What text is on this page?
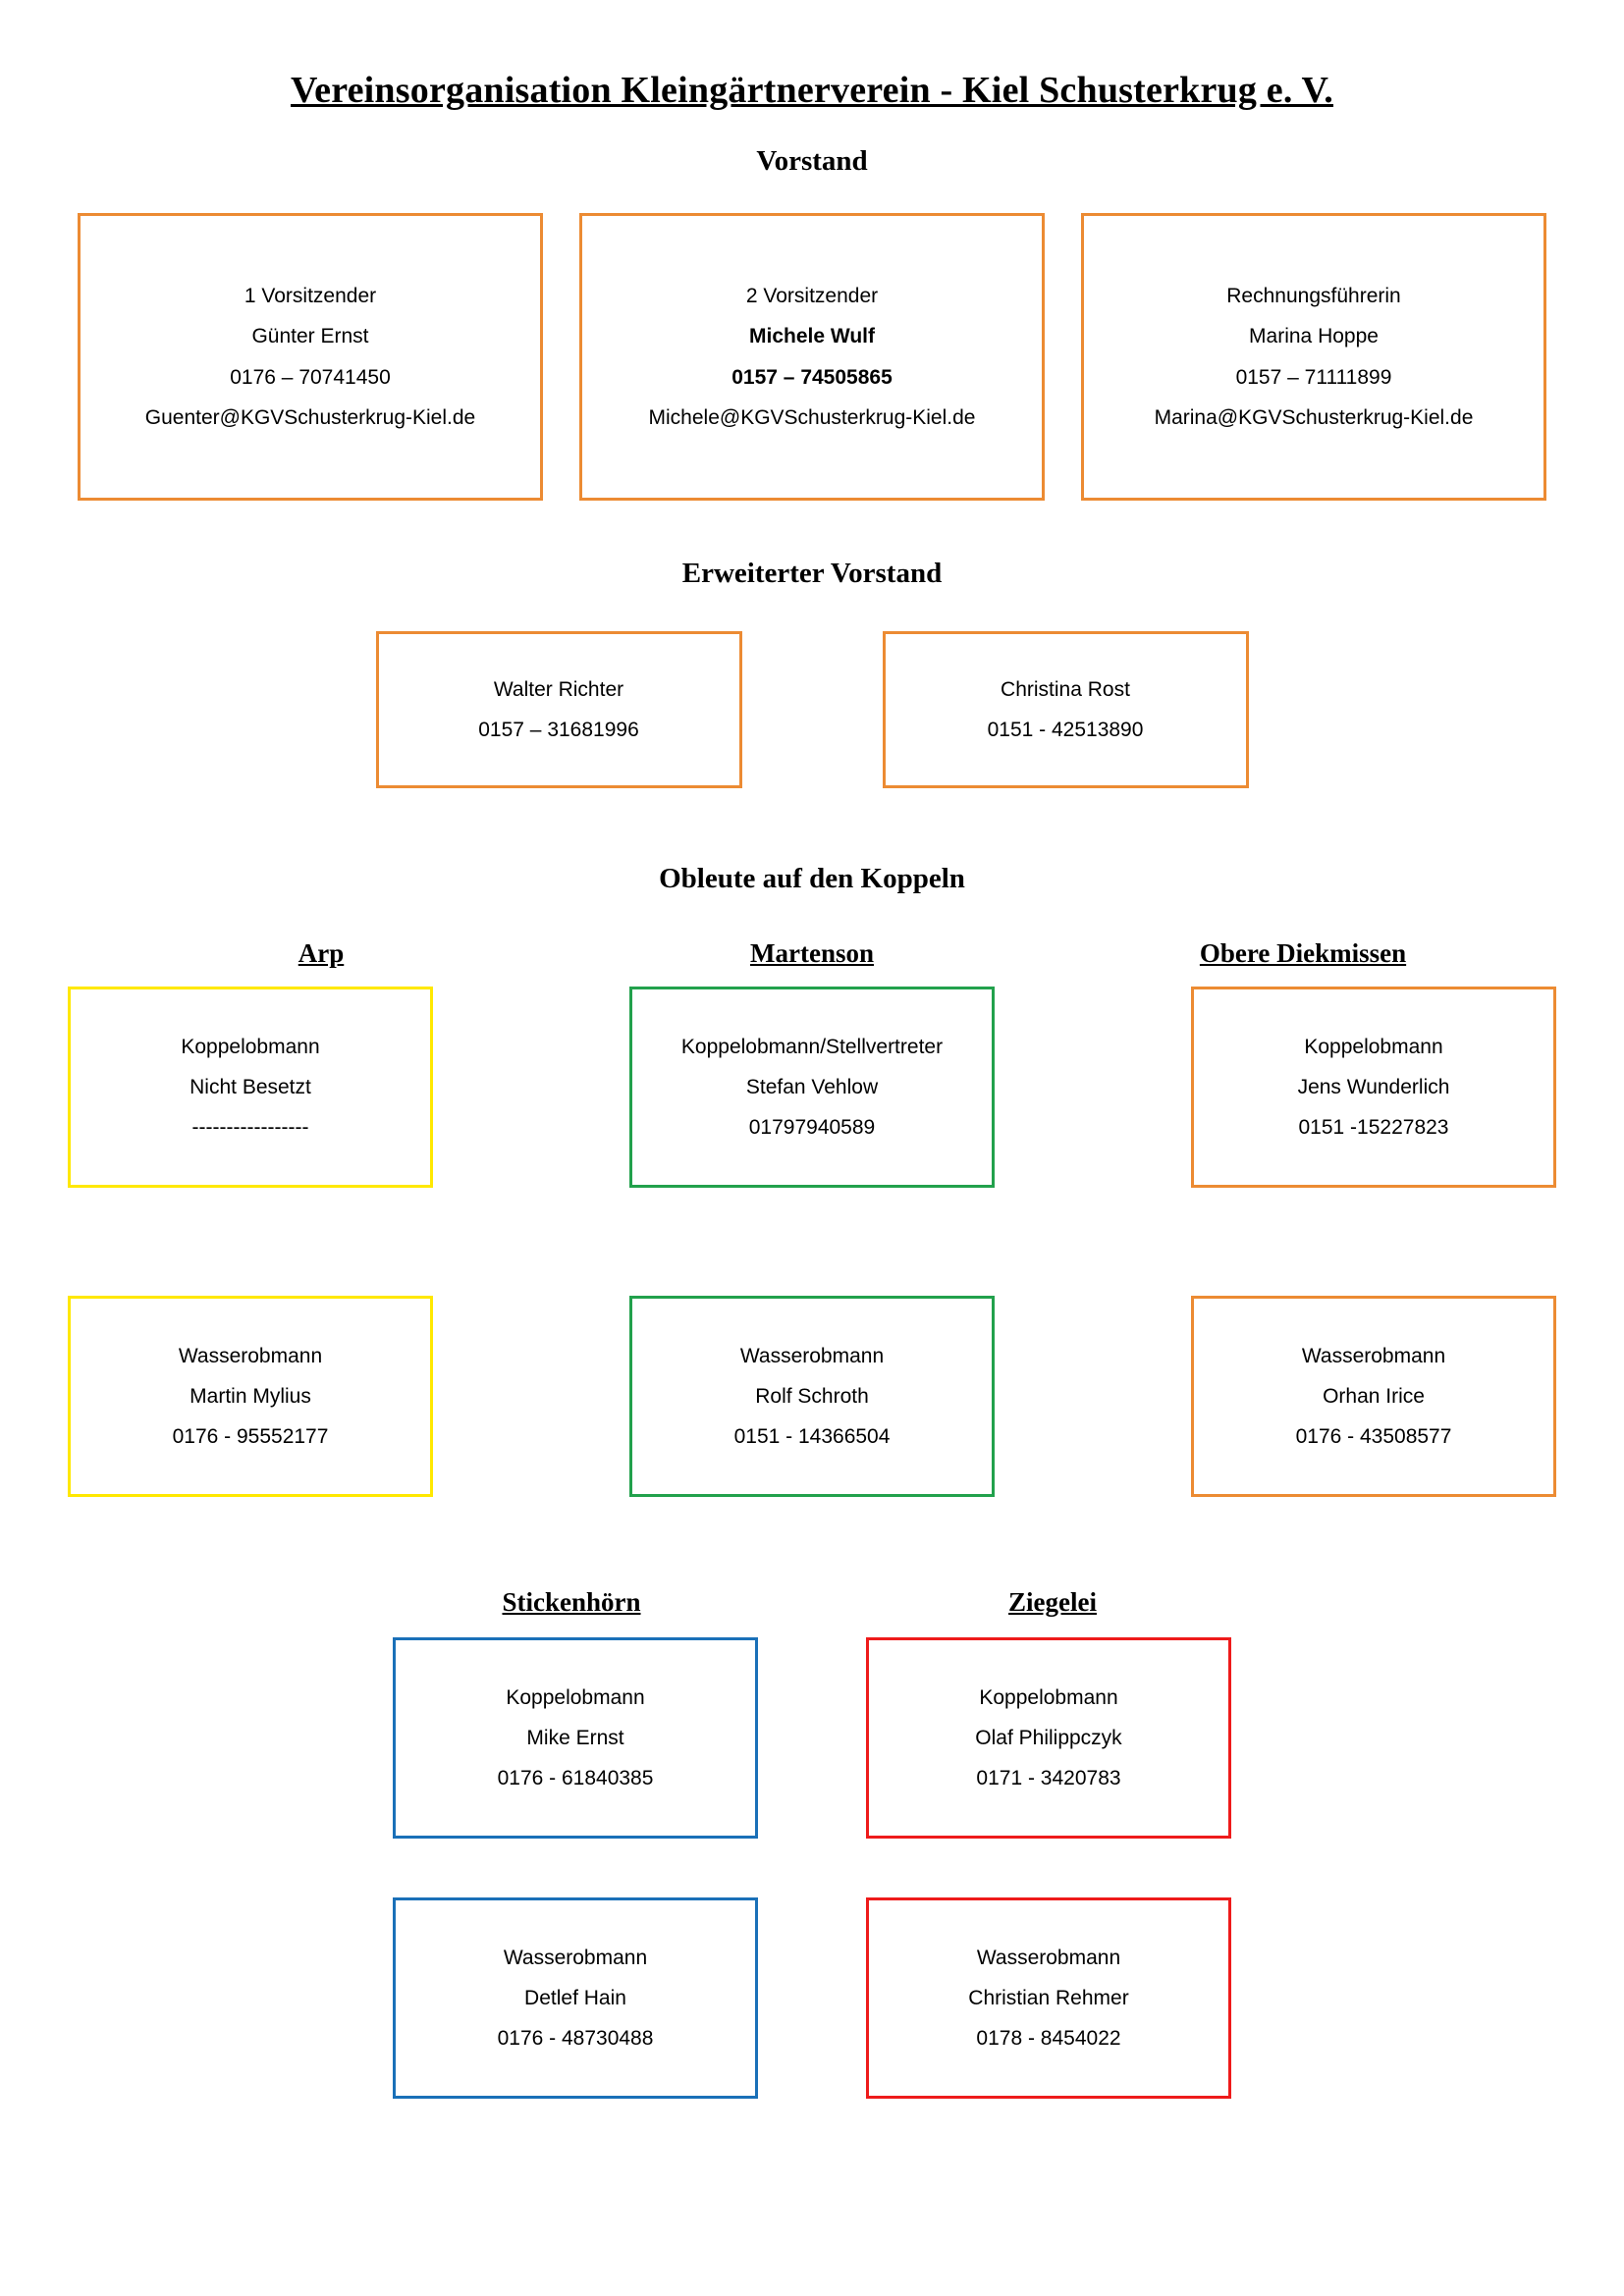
Vereinsorganisation Kleingärtnerverein - Kiel Schusterkrug e. V.
Vorstand
1 Vorsitzender
Günter Ernst
0176 – 70741450
Guenter@KGVSchusterkrug-Kiel.de
2 Vorsitzender
Michele Wulf
0157 – 74505865
Michele@KGVSchusterkrug-Kiel.de
Rechnungsführerin
Marina Hoppe
0157 – 71111899
Marina@KGVSchusterkrug-Kiel.de
Erweiterter Vorstand
Walter Richter
0157 – 31681996
Christina Rost
0151 - 42513890
Obleute auf den Koppeln
Arp	Martenson	Obere Diekmissen
Koppelobmann
Nicht Besetzt
-----------------
Koppelobmann/Stellvertreter
Stefan Vehlow
01797940589
Koppelobmann
Jens Wunderlich
0151 -15227823
Wasserobmann
Martin Mylius
0176 - 95552177
Wasserobmann
Rolf Schroth
0151 - 14366504
Wasserobmann
Orhan Irice
0176 - 43508577
Stickenhörn	Ziegelei
Koppelobmann
Mike Ernst
0176 - 61840385
Koppelobmann
Olaf Philippczyk
0171 - 3420783
Wasserobmann
Detlef Hain
0176 - 48730488
Wasserobmann
Christian Rehmer
0178 - 8454022
